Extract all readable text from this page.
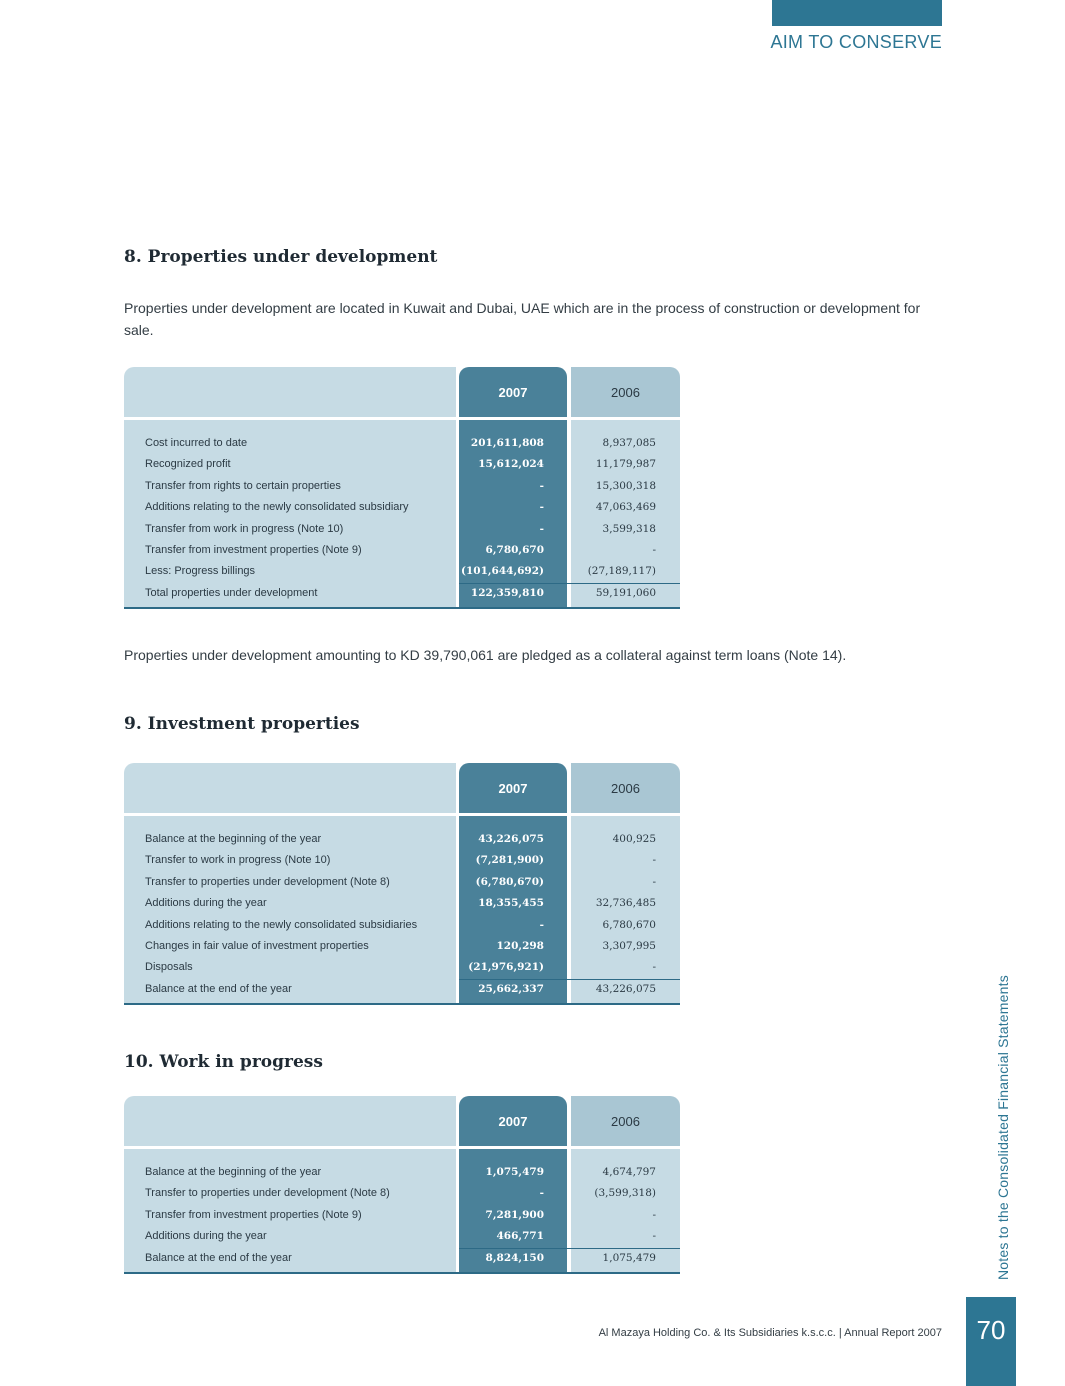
AIM TO CONSERVE
8. Properties under development
Properties under development are located in Kuwait and Dubai, UAE which are in the process of construction or development for sale.
2007	2006
Cost incurred to date	201,611,808	8,937,085
Recognized profit	15,612,024	11,179,987
Transfer from rights to certain properties	-	15,300,318
Additions relating to the newly consolidated subsidiary	-	47,063,469
Transfer from work in progress (Note 10)	-	3,599,318
Transfer from investment properties (Note 9)	6,780,670	-
Less: Progress billings	(101,644,692)	(27,189,117)
Total properties under development	122,359,810	59,191,060
Properties under development amounting to KD 39,790,061 are pledged as a collateral against term loans (Note 14).
9. Investment properties
2007	2006
Balance at the beginning of the year	43,226,075	400,925
Transfer to work in progress (Note 10)	(7,281,900)	-
Transfer to properties under development (Note 8)	(6,780,670)	-
Additions during the year	18,355,455	32,736,485
Additions relating to the newly consolidated subsidiaries	-	6,780,670
Changes in fair value of investment properties	120,298	3,307,995
Disposals	(21,976,921)	-
Balance at the end of the year	25,662,337	43,226,075
10. Work in progress
2007	2006
Balance at the beginning of the year	1,075,479	4,674,797
Transfer to properties under development (Note 8)	-	(3,599,318)
Transfer from investment properties (Note 9)	7,281,900	-
Additions during the year	466,771	-
Balance at the end of the year	8,824,150	1,075,479	Notes to the Consolidated Financial Statements
Al Mazaya Holding Co. & Its Subsidiaries k.s.c.c. | Annual Report 2007	70
